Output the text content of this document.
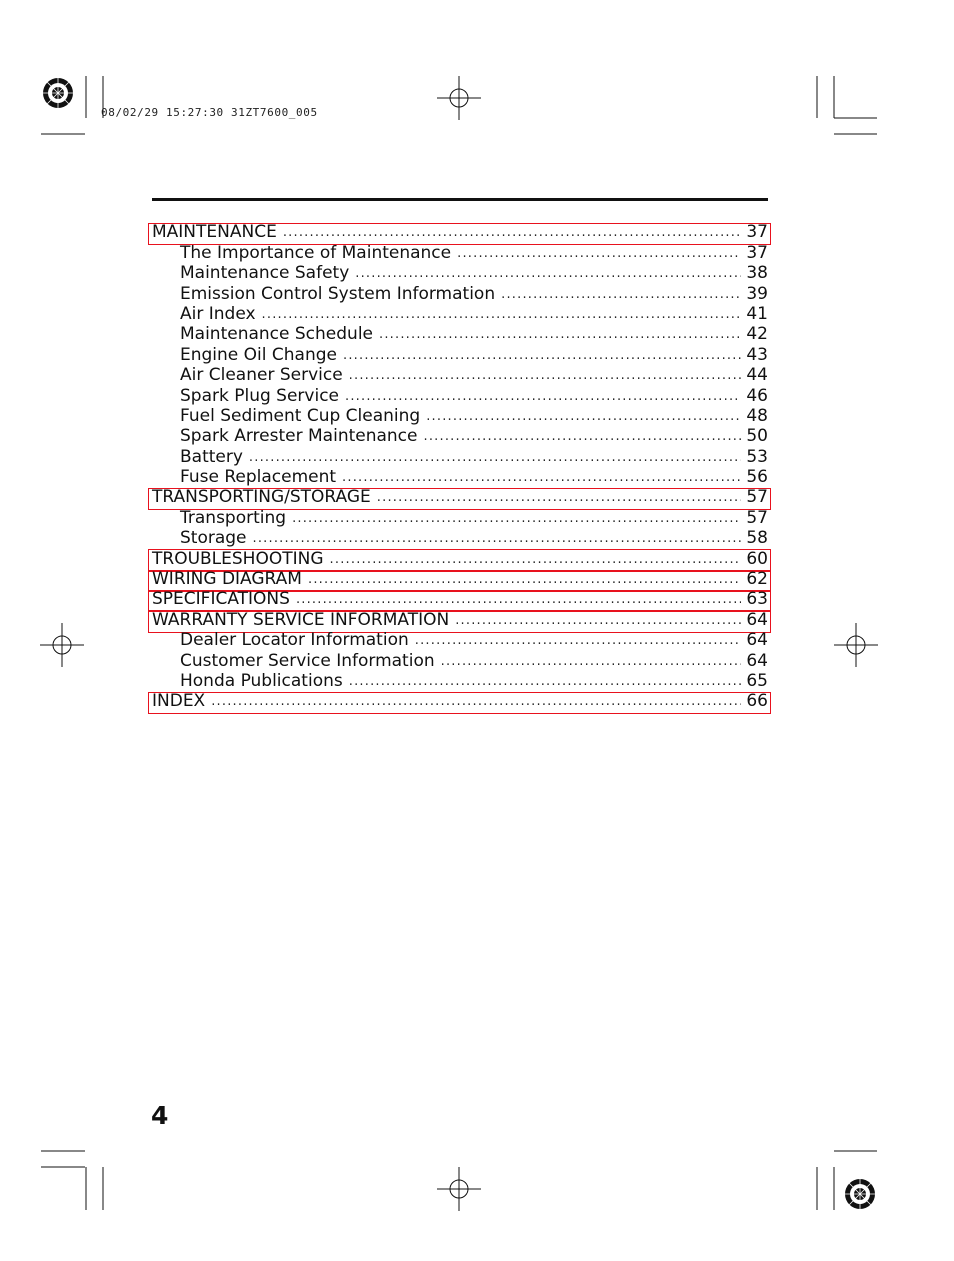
08/02/29 15:27:30 31ZT7600_005
MAINTENANCE .....	37
The Importance of Maintenance .....	37
Maintenance Safety .....	38
Emission Control System Information .....	39
Air Index .....	41
Maintenance Schedule .....	42
Engine Oil Change .....	43
Air Cleaner Service .....	44
Spark Plug Service .....	46
Fuel Sediment Cup Cleaning .....	48
Spark Arrester Maintenance .....	50
Battery .....	53
Fuse Replacement .....	56
TRANSPORTING/STORAGE .....	57
Transporting .....	57
Storage .....	58
TROUBLESHOOTING .....	60
WIRING DIAGRAM .....	62
SPECIFICATIONS .....	63
WARRANTY SERVICE INFORMATION .....	64
Dealer Locator Information .....	64
Customer Service Information .....	64
Honda Publications .....	65
INDEX .....	66
4
